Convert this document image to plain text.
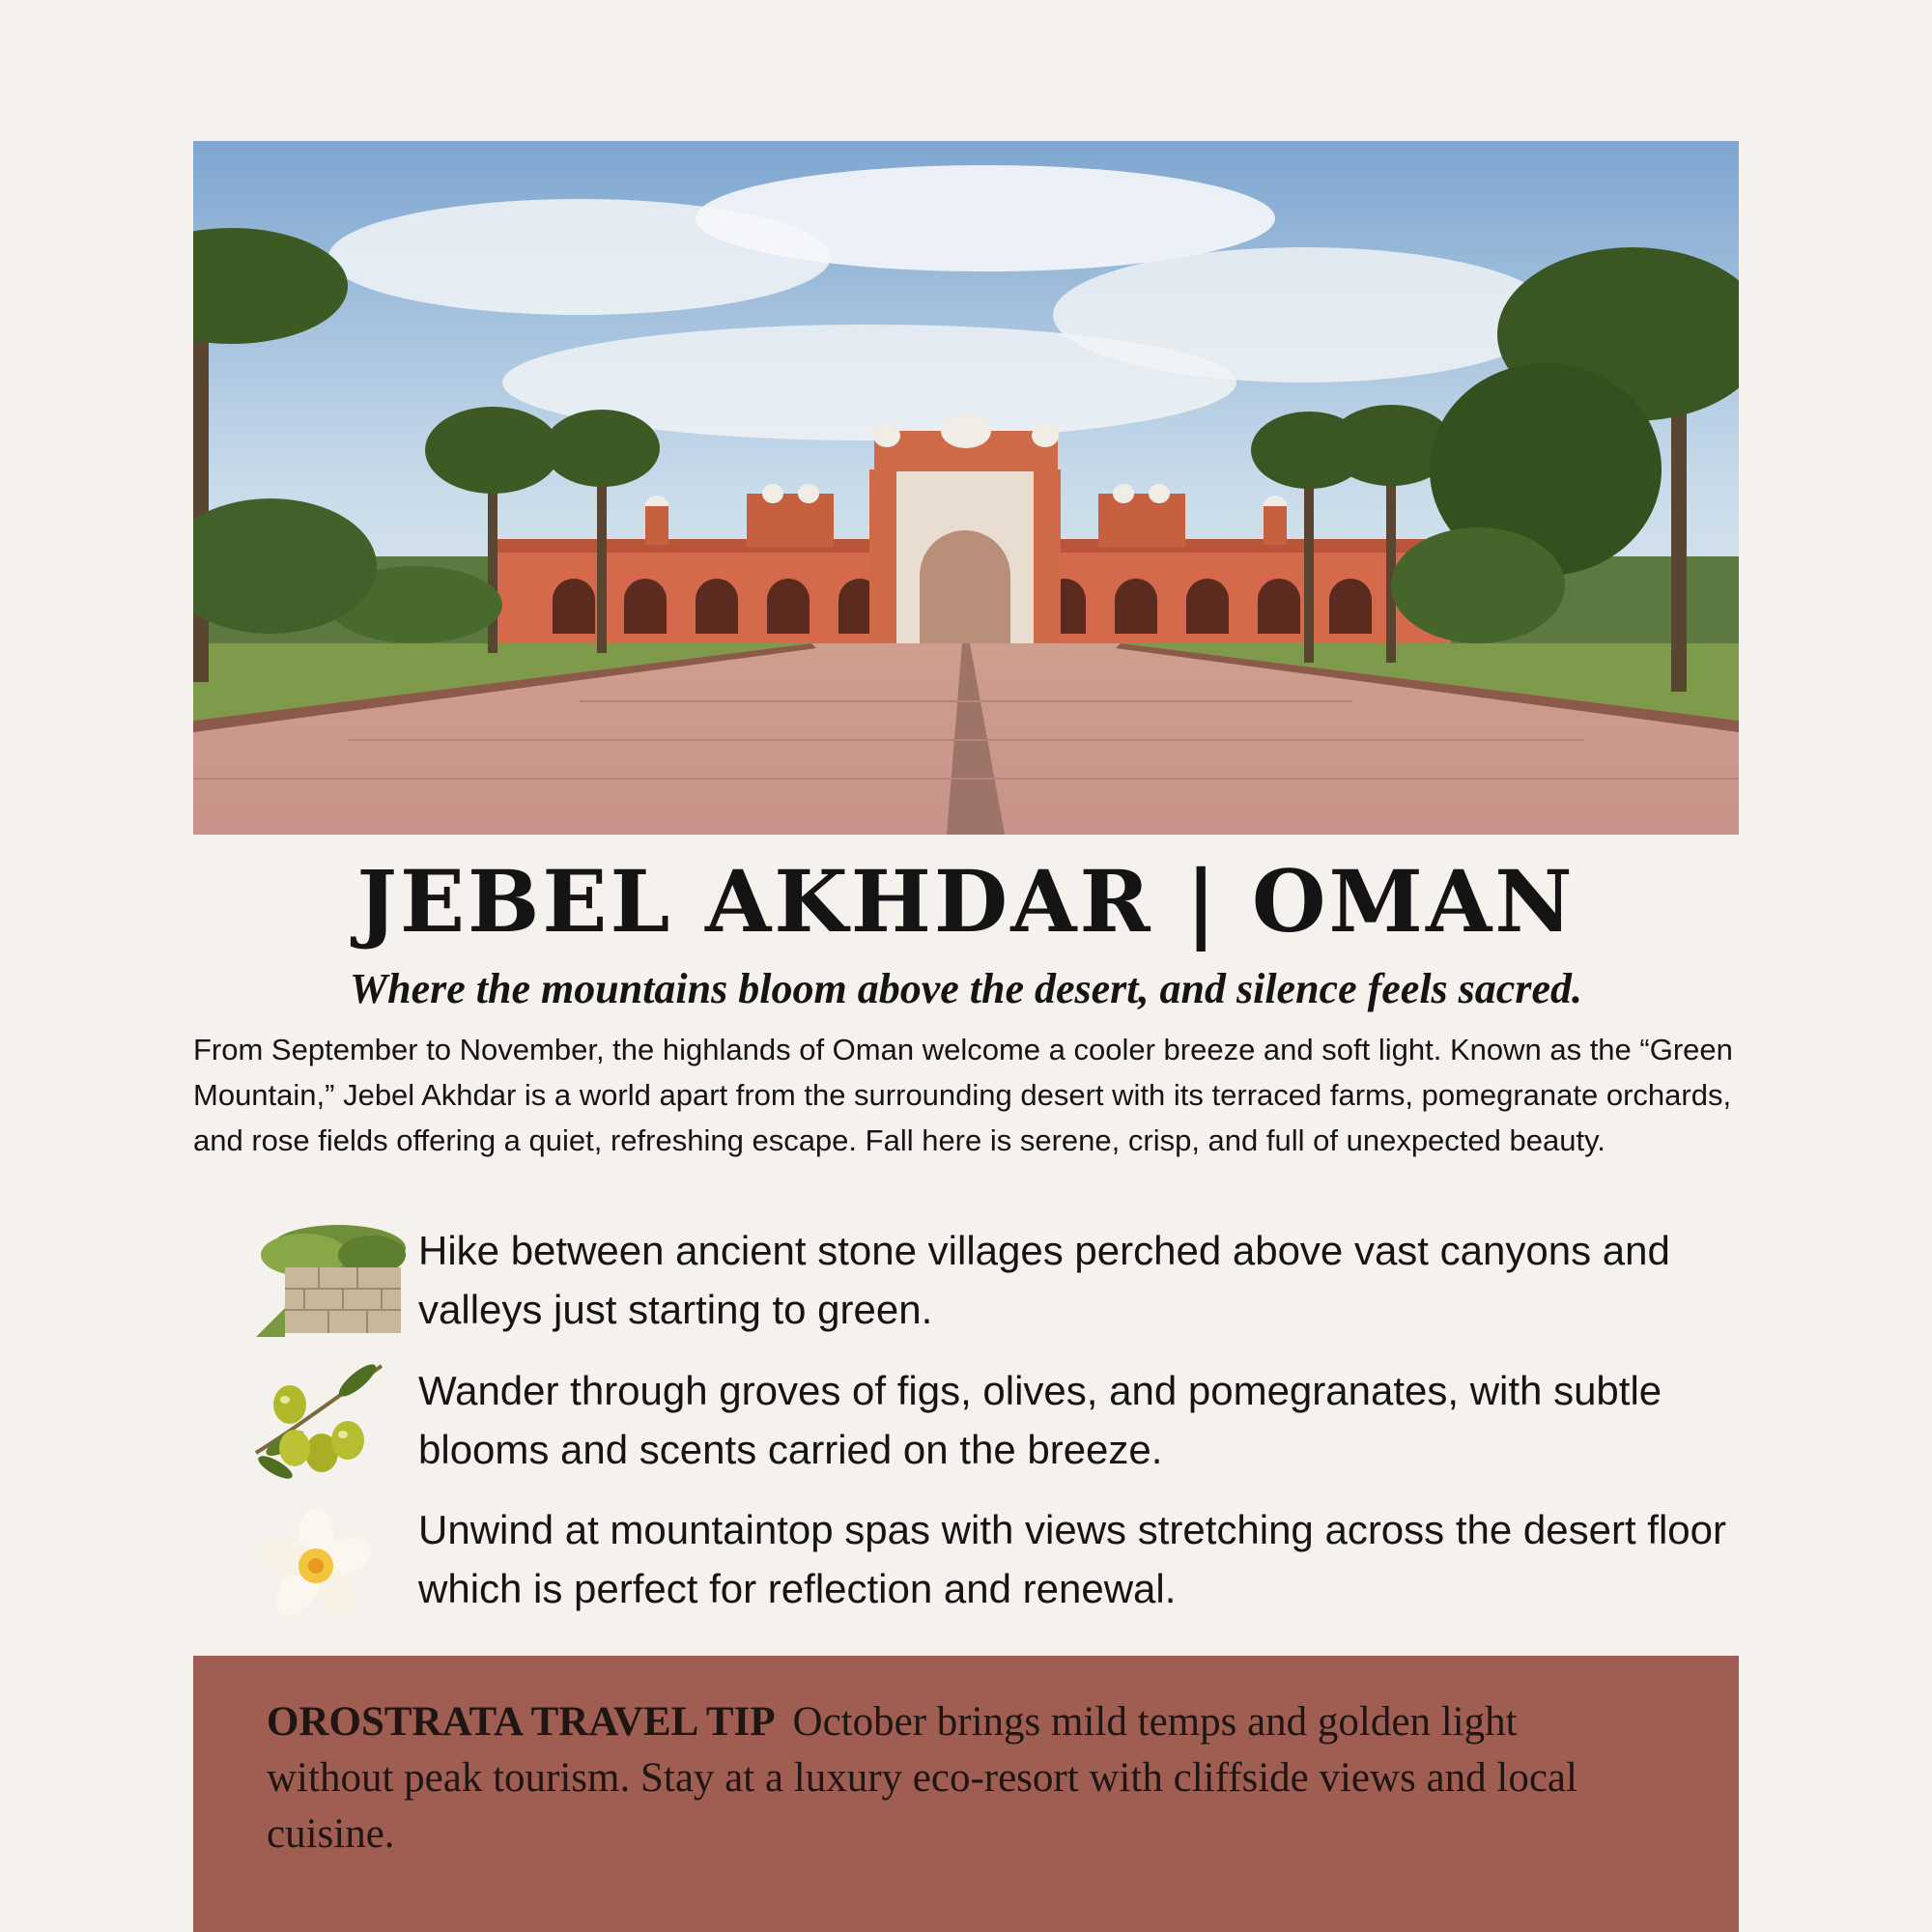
JEBEL AKHDAR | OMAN
Where the mountains bloom above the desert, and silence feels sacred.
From September to November, the highlands of Oman welcome a cooler breeze and soft light. Known as the “Green Mountain,” Jebel Akhdar is a world apart from the surrounding desert with its terraced farms, pomegranate orchards, and rose fields offering a quiet, refreshing escape. Fall here is serene, crisp, and full of unexpected beauty.
Hike between ancient stone villages perched above vast canyons and valleys just starting to green.
Wander through groves of figs, olives, and pomegranates, with subtle blooms and scents carried on the breeze.
Unwind at mountaintop spas with views stretching across the desert floor which is perfect for reflection and renewal.
OROSTRATA TRAVEL TIP October brings mild temps and golden light without peak tourism. Stay at a luxury eco-resort with cliffside views and local cuisine.
